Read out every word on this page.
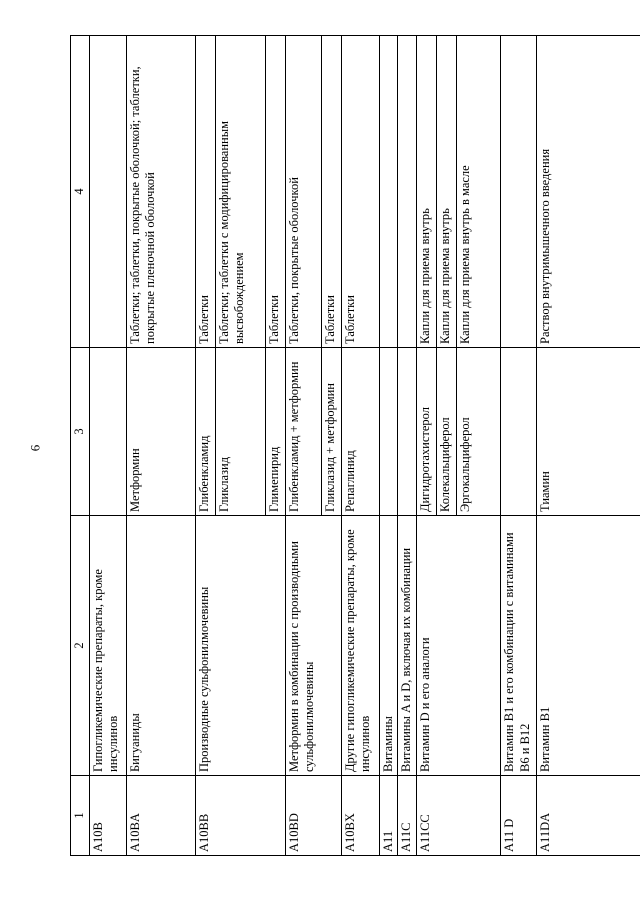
6
1	2	3	4
A10B	Гипогликемические препараты, кроме инсулинов		
A10BA	Бигуаниды	Метформин	Таблетки; таблетки, покрытые оболочкой; таблетки, покрытые пленочной оболочкой
A10BB	Производные сульфонилмочевины	Глибенкламид	Таблетки
		Гликлазид	Таблетки; таблетки с модифицированным высвобождением
		Глимепирид	Таблетки
A10BD	Метформин в комбинации с производными сульфонилмочевины	Глибенкламид + метформин	Таблетки, покрытые оболочкой
		Гликлазид + метформин	Таблетки
A10BX	Другие гипогликемические препараты, кроме инсулинов	Репаглинид	Таблетки
A11	Витамины		
A11C	Витамины A и D, включая их комбинации		
A11CC	Витамин D и его аналоги	Дигидротахистерол	Капли для приема внутрь
		Колекальциферол	Капли для приема внутрь
		Эргокальциферол	Капли для приема внутрь в масле
A11 D	Витамин B1 и его комбинации с витаминами B6 и B12		
A11DA	Витамин B1	Тиамин	Раствор внутримышечного введения
